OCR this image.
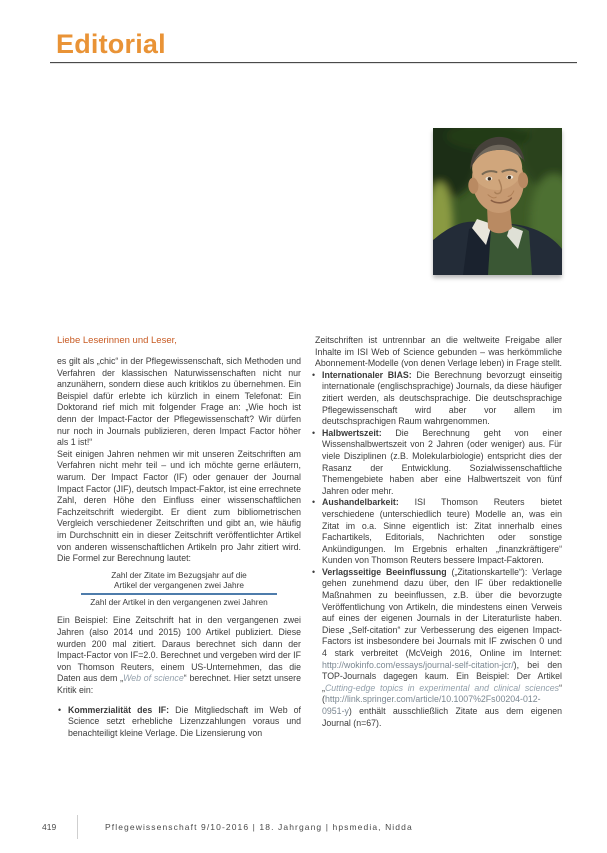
Editorial

Liebe Leserinnen und Leser,

es gilt als „chic“ in der Pflegewissenschaft, sich Methoden und Verfahren der klassischen Naturwissenschaften nicht nur anzunähern, sondern diese auch kritiklos zu übernehmen. Ein Beispiel dafür erlebte ich kürzlich in einem Telefonat: Ein Doktorand rief mich mit folgender Frage an: „Wie hoch ist denn der Impact-Factor der Pflegewissenschaft? Wir dürfen nur noch in Journals publizieren, deren Impact Factor höher als 1 ist!“

Seit einigen Jahren nehmen wir mit unseren Zeitschriften am Verfahren nicht mehr teil – und ich möchte gerne erläutern, warum. Der Impact Factor (IF) oder genauer der Journal Impact Factor (JIF), deutsch Impact-Faktor, ist eine errechnete Zahl, deren Höhe den Einfluss einer wissenschaftlichen Fachzeitschrift wiedergibt. Er dient zum bibliometrischen Vergleich verschiedener Zeitschriften und gibt an, wie häufig im Durchschnitt ein in dieser Zeitschrift veröffentlichter Artikel von anderen wissenschaftlichen Artikeln pro Jahr zitiert wird. Die Formel zur Berechnung lautet:

Zahl der Zitate im Bezugsjahr auf die
Artikel der vergangenen zwei Jahre
Zahl der Artikel in den vergangenen zwei Jahren

Ein Beispiel: Eine Zeitschrift hat in den vergangenen zwei Jahren (also 2014 und 2015) 100 Artikel publiziert. Diese wurden 200 mal zitiert. Daraus berechnet sich dann der Impact-Factor von IF=2.0. Berechnet und vergeben wird der IF von Thomson Reuters, einem US-Unternehmen, das die Daten aus dem „Web of science“ berechnet. Hier setzt unsere Kritik ein:

• Kommerzialität des IF: Die Mitgliedschaft im Web of Science setzt erhebliche Lizenzzahlungen voraus und benachteiligt kleine Verlage. Die Lizensierung von

Zeitschriften ist untrennbar an die weltweite Freigabe aller Inhalte im ISI Web of Science gebunden – was herkömmliche Abonnement-Modelle (von denen Verlage leben) in Frage stellt.

• Internationaler BIAS: Die Berechnung bevorzugt einseitig internationale (englischsprachige) Journals, da diese häufiger zitiert werden, als deutschsprachige. Die deutschsprachige Pflegewissenschaft wird aber vor allem im deutschsprachigen Raum wahrgenommen.

• Halbwertszeit: Die Berechnung geht von einer Wissenshalbwertszeit von 2 Jahren (oder weniger) aus. Für viele Disziplinen (z.B. Molekularbiologie) entspricht dies der Rasanz der Entwicklung. Sozialwissenschaftliche Themengebiete haben aber eine Halbwertszeit von fünf Jahren oder mehr.

• Aushandelbarkeit: ISI Thomson Reuters bietet verschiedene (unterschiedlich teure) Modelle an, was ein Zitat im o.a. Sinne eigentlich ist: Zitat innerhalb eines Fachartikels, Editorials, Nachrichten oder sonstige Ankündigungen. Im Ergebnis erhalten „finanzkräftigere“ Kunden von Thomson Reuters bessere Impact-Faktoren.

• Verlagsseitige Beeinflussung („Zitationskartelle“): Verlage gehen zunehmend dazu über, den IF über redaktionelle Maßnahmen zu beeinflussen, z.B. über die bevorzugte Veröffentlichung von Artikeln, die mindestens einen Verweis auf eines der eigenen Journals in der Literaturliste haben. Diese „Self-citation“ zur Verbesserung des eigenen Impact-Factors ist insbesondere bei Journals mit IF zwischen 0 und 4 stark verbreitet (McVeigh 2016, Online im Internet: http://wokinfo.com/essays/journal-self-citation-jcr/), bei den TOP-Journals dagegen kaum. Ein Beispiel: Der Artikel „Cutting-edge topics in experimental and clinical sciences“ (http://link.springer.com/article/10.1007%2Fs00204-012-0951-y) enthält ausschließlich Zitate aus dem eigenen Journal (n=67).

419	Pflegewissenschaft 9/10-2016 | 18. Jahrgang | hpsmedia, Nidda
